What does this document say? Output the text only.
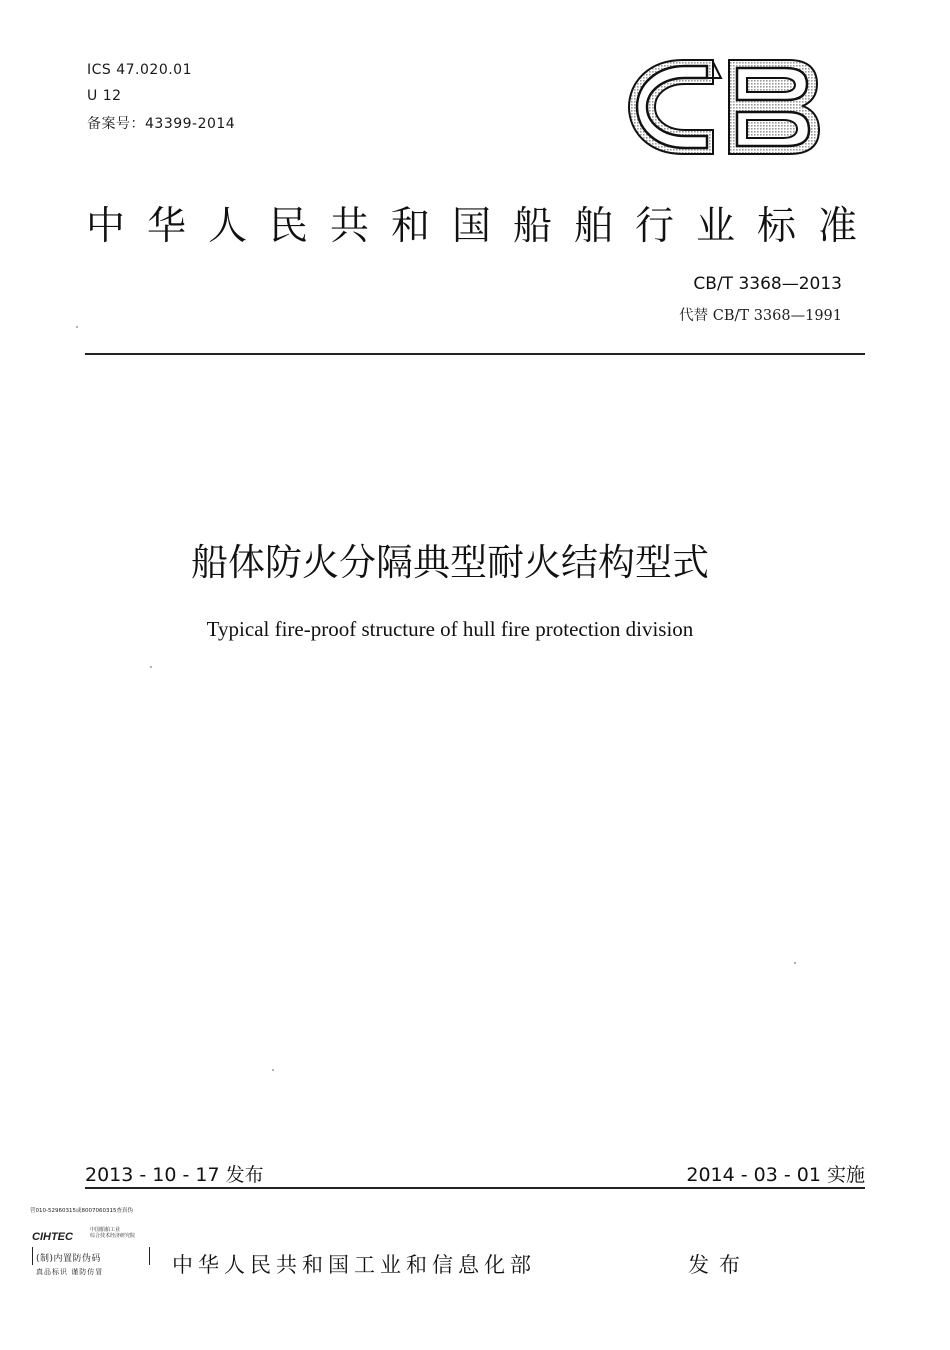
ICS 47.020.01
U 12
备案号：43399-2014
中华人民共和国船舶行业标准
CB/T 3368—2013
代替 CB/T 3368—1991
船体防火分隔典型耐火结构型式
Typical fire-proof structure of hull fire protection division
2013 - 10 - 17 发布	2014 - 03 - 01 实施
营010-52960315或8007060315查真伪
CIHTEC
中国船舶工业
综合技术经济研究院
(制)内置防伪码
真品标识 谨防仿冒	中华人民共和国工业和信息化部	发布
